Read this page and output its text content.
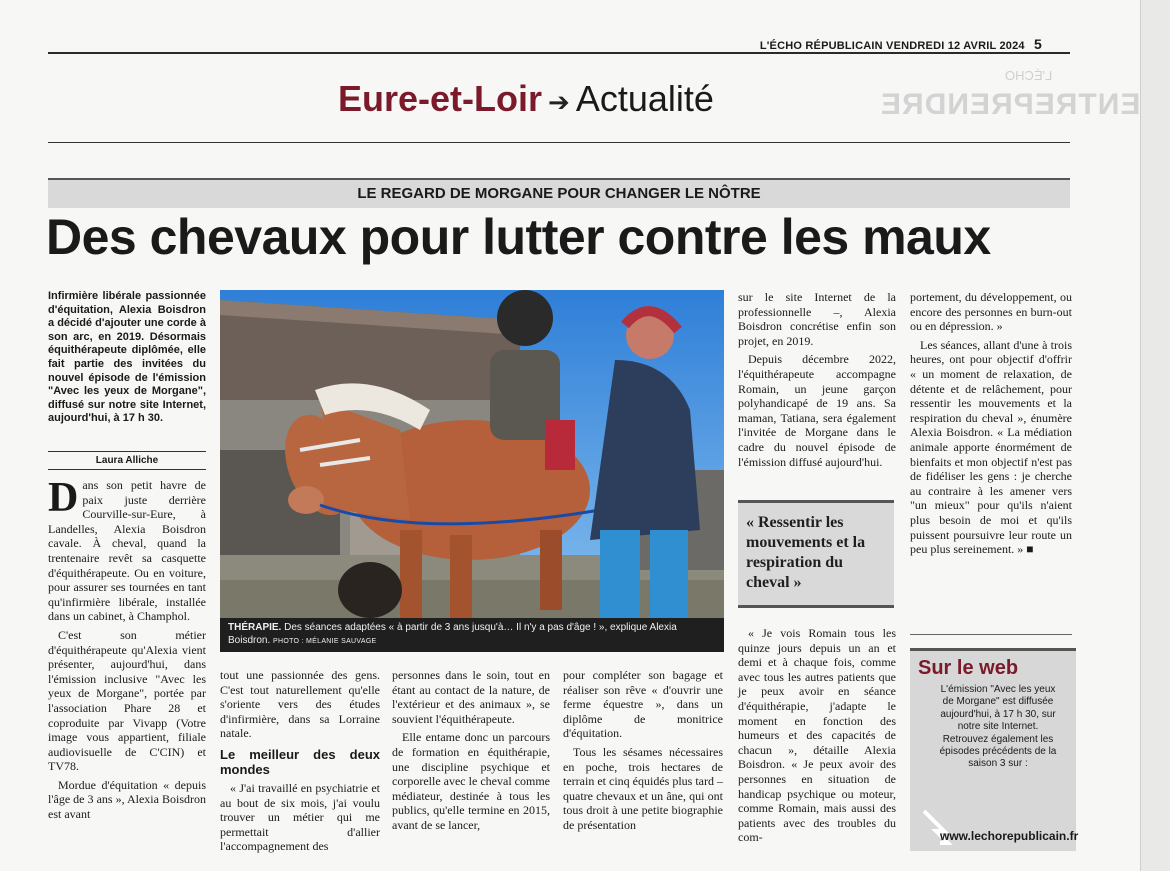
L'ÉCHO RÉPUBLICAIN VENDREDI 12 AVRIL 2024 5
Eure-et-Loir ➔ Actualité
L'ÉCHO
ENTREPRENDRE
LE REGARD DE MORGANE POUR CHANGER LE NÔTRE
Des chevaux pour lutter contre les maux
Infirmière libérale passionnée d'équitation, Alexia Boisdron a décidé d'ajouter une corde à son arc, en 2019. Désormais équithérapeute diplômée, elle fait partie des invitées du nouvel épisode de l'émission "Avec les yeux de Morgane", diffusé sur notre site Internet, aujourd'hui, à 17 h 30.
Laura Alliche

Dans son petit havre de paix juste derrière Courville-sur-Eure, à Landelles, Alexia Boisdron cavale. À cheval, quand la trentenaire revêt sa casquette d'équithérapeute. Ou en voiture, pour assurer ses tournées en tant qu'infirmière libérale, installée dans un cabinet, à Champhol.

C'est son métier d'équithérapeute qu'Alexia vient présenter, aujourd'hui, dans l'émission inclusive "Avec les yeux de Morgane", portée par l'association Phare 28 et coproduite par Vivapp (Votre image vous appartient, filiale audiovisuelle de C'CIN) et TV78.

Mordue d'équitation « depuis l'âge de 3 ans », Alexia Boisdron est avant

THÉRAPIE. Des séances adaptées « à partir de 3 ans jusqu'à… Il n'y a pas d'âge ! », explique Alexia Boisdron. PHOTO : MÉLANIE SAUVAGE

tout une passionnée des gens. C'est tout naturellement qu'elle s'oriente vers des études d'infirmière, dans sa Lorraine natale.

Le meilleur des deux mondes

« J'ai travaillé en psychiatrie et au bout de six mois, j'ai voulu trouver un métier qui me permettait d'allier l'accompagnement des

personnes dans le soin, tout en étant au contact de la nature, de l'extérieur et des animaux », se souvient l'équithérapeute.

Elle entame donc un parcours de formation en équithérapie, une discipline psychique et corporelle avec le cheval comme médiateur, destinée à tous les publics, qu'elle termine en 2015, avant de se lancer,

pour compléter son bagage et réaliser son rêve « d'ouvrir une ferme équestre », dans un diplôme de monitrice d'équitation.

Tous les sésames nécessaires en poche, trois hectares de terrain et cinq équidés plus tard – quatre chevaux et un âne, qui ont tous droit à une petite biographie de présentation

sur le site Internet de la professionnelle –, Alexia Boisdron concrétise enfin son projet, en 2019.

Depuis décembre 2022, l'équithérapeute accompagne Romain, un jeune garçon polyhandicapé de 19 ans. Sa maman, Tatiana, sera également l'invitée de Morgane dans le cadre du nouvel épisode de l'émission diffusé aujourd'hui.

« Ressentir les mouvements et la respiration du cheval »

« Je vois Romain tous les quinze jours depuis un an et demi et à chaque fois, comme avec tous les autres patients que je peux avoir en séance d'équithérapie, j'adapte le moment en fonction des humeurs et des capacités de chacun », détaille Alexia Boisdron. « Je peux avoir des personnes en situation de handicap psychique ou moteur, comme Romain, mais aussi des patients avec des troubles du com-

portement, du développement, ou encore des personnes en burn-out ou en dépression. »

Les séances, allant d'une à trois heures, ont pour objectif d'offrir « un moment de relaxation, de détente et de relâchement, pour ressentir les mouvements et la respiration du cheval », énumère Alexia Boisdron. « La médiation animale apporte énormément de bienfaits et mon objectif n'est pas de fidéliser les gens : je cherche au contraire à les amener vers "un mieux" pour qu'ils n'aient plus besoin de moi et qu'ils puissent poursuivre leur route un peu plus sereinement. » ■

Sur le web
L'émission "Avec les yeux de Morgane" est diffusée aujourd'hui, à 17 h 30, sur notre site Internet. Retrouvez également les épisodes précédents de la saison 3 sur :
www.lechorepublicain.fr
